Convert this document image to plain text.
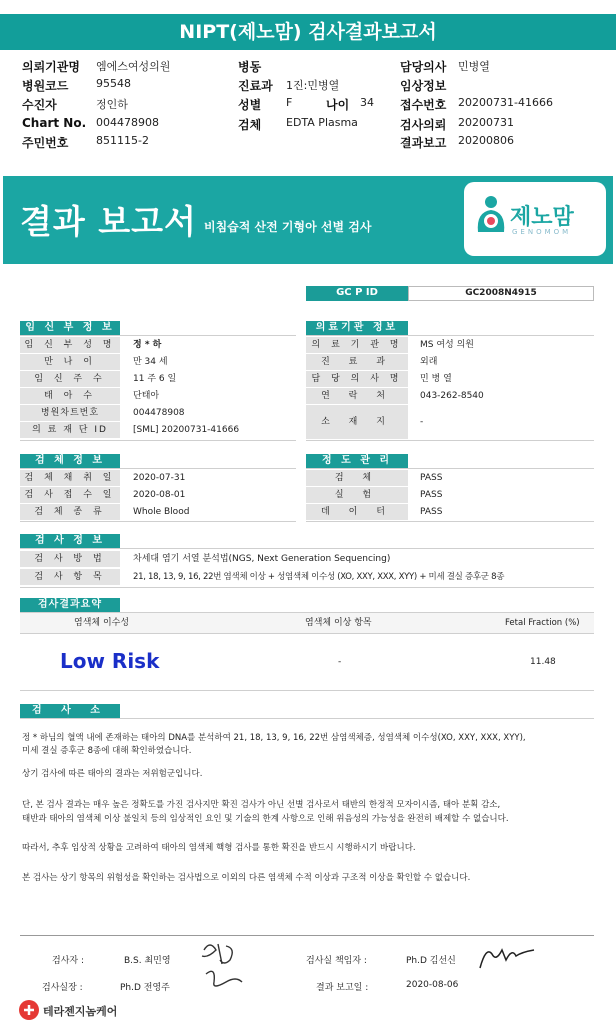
NIPT(제노맘) 검사결과보고서
의뢰기관명 엠에스여성의원
병원코드	95548
수진자	정인하
Chart No. 004478908
주민번호	851115-2
병동
진료과 1진:민병열
성별 F	나이 34
검체 EDTA Plasma
담당의사 민병열
임상정보
접수번호 20200731-41666
검사의뢰 20200731
결과보고 20200806
결과 보고서 비침습적 산전 기형아 선별 검사	제노맘
GENOMOM
GC P ID	GC2008N4915
임 신 부 정 보
임 신 부 성 명	정 * 하
만 나 이	만 34 세
임 신 주 수	11 주 6 일
태 아 수	단태아
병원차트번호	004478908
의 료 재 단 ID	[SML] 20200731-41666
의료기관 정보
의 료 기 관 명	MS 여성 의원
진 료 과	외래
담 당 의 사 명	민 병 열
연 락 처	043-262-8540
소 재 지	-
검 체 정 보
검 체 채 취 일	2020-07-31
검 사 접 수 일	2020-08-01
검 체 종 류	Whole Blood
정 도 관 리
검 체	PASS
실 험	PASS
데 이 터	PASS
검 사 정 보
검 사 방 법	차세대 염기 서열 분석법(NGS, Next Generation Sequencing)
검 사 항 목	21, 18, 13, 9, 16, 22번 염색체 이상 + 성염색체 이수성 (XO, XXY, XXX, XYY) + 미세 결실 증후군 8종
검사결과요약
염색체 이수성	염색체 이상 항목	Fetal Fraction (%)
Low Risk	-	11.48
검 사 소 견
정 * 하님의 혈액 내에 존재하는 태아의 DNA를 분석하여 21, 18, 13, 9, 16, 22번 삼염색체증, 성염색체 이수성(XO, XXY, XXX, XYY),
미세 결실 증후군 8종에 대해 확인하였습니다.
상기 검사에 따른 태아의 결과는 저위험군입니다.
단, 본 검사 결과는 매우 높은 정확도를 가진 검사지만 확진 검사가 아닌 선별 검사로서 태반의 한정적 모자이시즘, 태아 분획 감소,
태반과 태아의 염색체 이상 불일치 등의 임상적인 요인 및 기술의 한계 사항으로 인해 위음성의 가능성을 완전히 배제할 수 없습니다.
따라서, 추후 임상적 상황을 고려하여 태아의 염색체 핵형 검사를 통한 확진을 반드시 시행하시기 바랍니다.
본 검사는 상기 항목의 위험성을 확인하는 검사법으로 이외의 다른 염색체 수적 이상과 구조적 이상을 확인할 수 없습니다.
검사자 :	B.S. 최민영
검사실장 :	Ph.D 전영주
검사실 책임자 :	Ph.D 김선신
결과 보고일 :	2020-08-06
테라젠지놈케어
